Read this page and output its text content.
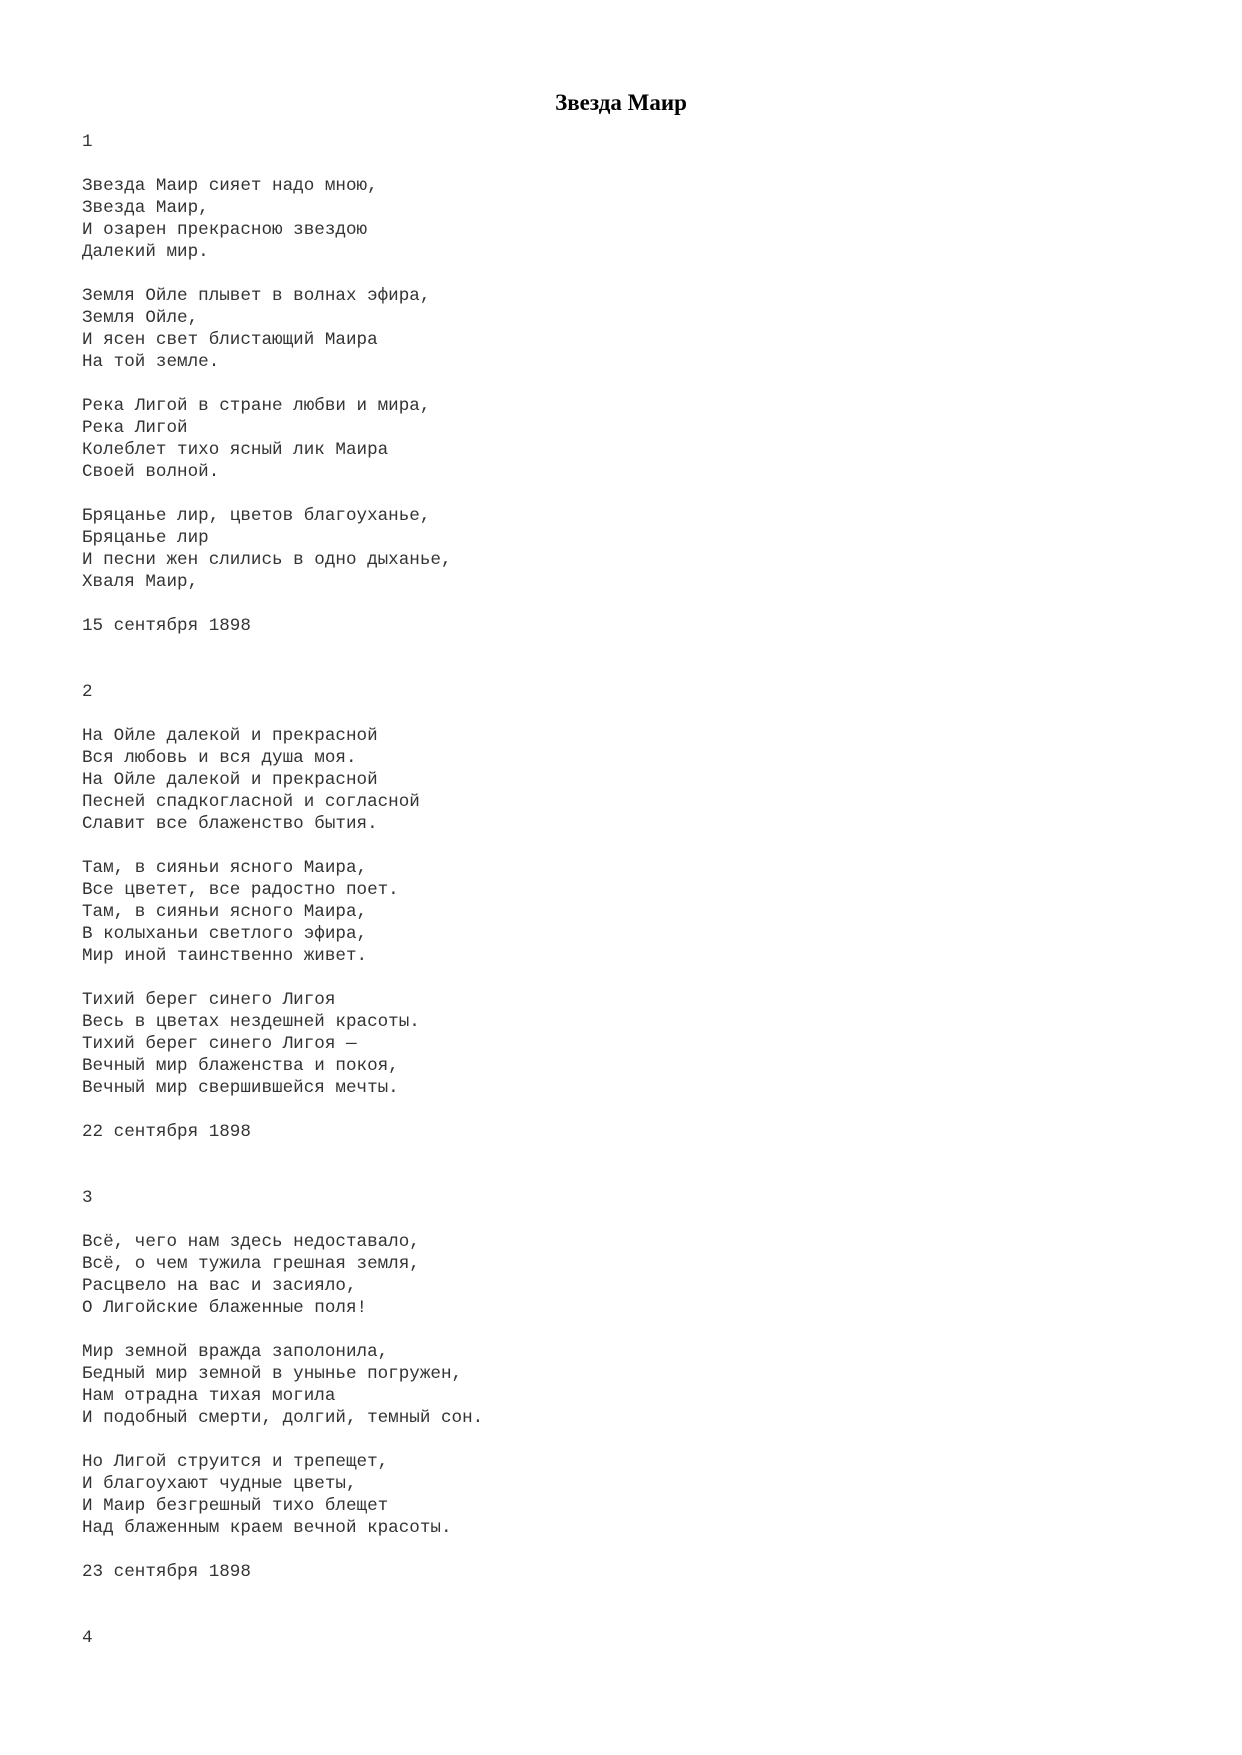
Звезда Маир

1

Звезда Маир сияет надо мною,

Звезда Маир,

И озарен прекрасною звездою

Далекий мир.

Земля Ойле плывет в волнах эфира,

Земля Ойле,

И ясен свет блистающий Маира

На той земле.

Река Лигой в стране любви и мира,

Река Лигой

Колеблет тихо ясный лик Маира

Своей волной.

Бряцанье лир, цветов благоуханье,

Бряцанье лир

И песни жен слились в одно дыханье,

Хваля Маир,

15 сентября 1898

2

На Ойле далекой и прекрасной

Вся любовь и вся душа моя.

На Ойле далекой и прекрасной

Песней спадкогласной и согласной

Славит все блаженство бытия.

Там, в сияньи ясного Маира,

Все цветет, все радостно поет.

Там, в сияньи ясного Маира,

В колыханьи светлого эфира,

Мир иной таинственно живет.

Тихий берег синего Лигоя

Весь в цветах нездешней красоты.

Тихий берег синего Лигоя —

Вечный мир блаженства и покоя,

Вечный мир свершившейся мечты.

22 сентября 1898

3

Всё, чего нам здесь недоставало,

Всё, о чем тужила грешная земля,

Расцвело на вас и засияло,

О Лигойские блаженные поля!

Мир земной вражда заполонила,

Бедный мир земной в унынье погружен,

Нам отрадна тихая могила

И подобный смерти, долгий, темный сон.

Но Лигой струится и трепещет,

И благоухают чудные цветы,

И Маир безгрешный тихо блещет

Над блаженным краем вечной красоты.

23 сентября 1898

4
